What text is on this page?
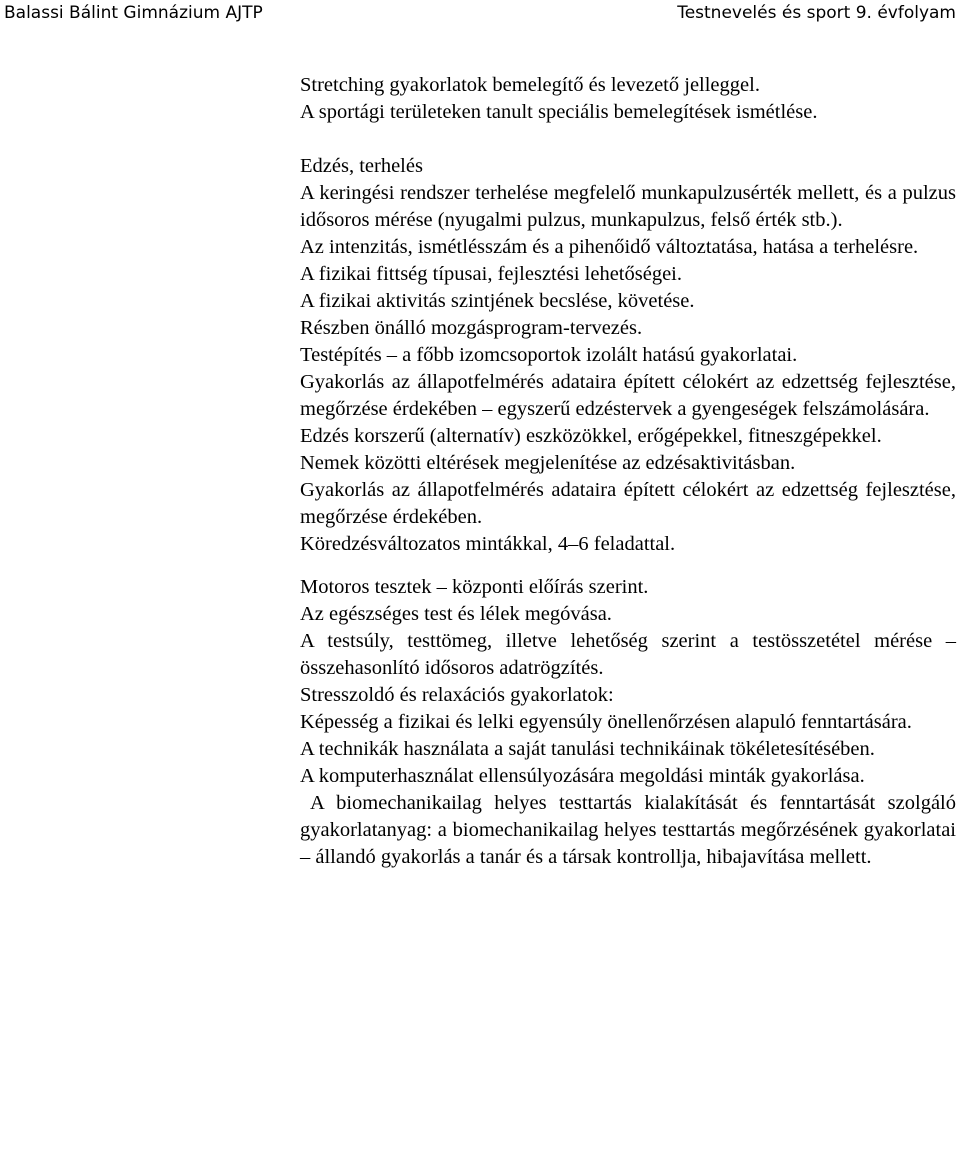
Balassi Bálint Gimnázium AJTP	Testnevelés és sport 9. évfolyam

Stretching gyakorlatok bemelegítő és levezető jelleggel.

A sportági területeken tanult speciális bemelegítések ismétlése.

Edzés, terhelés

A keringési rendszer terhelése megfelelő munkapulzusérték mellett, és a pulzus idősoros mérése (nyugalmi pulzus, munkapulzus, felső érték stb.).

Az intenzitás, ismétlésszám és a pihenőidő változtatása, hatása a terhelésre.

A fizikai fittség típusai, fejlesztési lehetőségei.

A fizikai aktivitás szintjének becslése, követése.

Részben önálló mozgásprogram-tervezés.

Testépítés – a főbb izomcsoportok izolált hatású gyakorlatai.

Gyakorlás az állapotfelmérés adataira épített célokért az edzettség fejlesztése, megőrzése érdekében – egyszerű edzéstervek a gyengeségek felszámolására.

Edzés korszerű (alternatív) eszközökkel, erőgépekkel, fitneszgépekkel.

Nemek közötti eltérések megjelenítése az edzésaktivitásban.

Gyakorlás az állapotfelmérés adataira épített célokért az edzettség fejlesztése, megőrzése érdekében.

Köredzésváltozatos mintákkal, 4–6 feladattal.

Motoros tesztek – központi előírás szerint.

Az egészséges test és lélek megóvása.

A testsúly, testtömeg, illetve lehetőség szerint a testösszetétel mérése – összehasonlító idősoros adatrögzítés.

Stresszoldó és relaxációs gyakorlatok:

Képesség a fizikai és lelki egyensúly önellenőrzésen alapuló fenntartására.

A technikák használata a saját tanulási technikáinak tökéletesítésében.

A komputerhasználat ellensúlyozására megoldási minták gyakorlása.

A biomechanikailag helyes testtartás kialakítását és fenntartását szolgáló gyakorlatanyag: a biomechanikailag helyes testtartás megőrzésének gyakorlatai – állandó gyakorlás a tanár és a társak kontrollja, hibajavítása mellett.
